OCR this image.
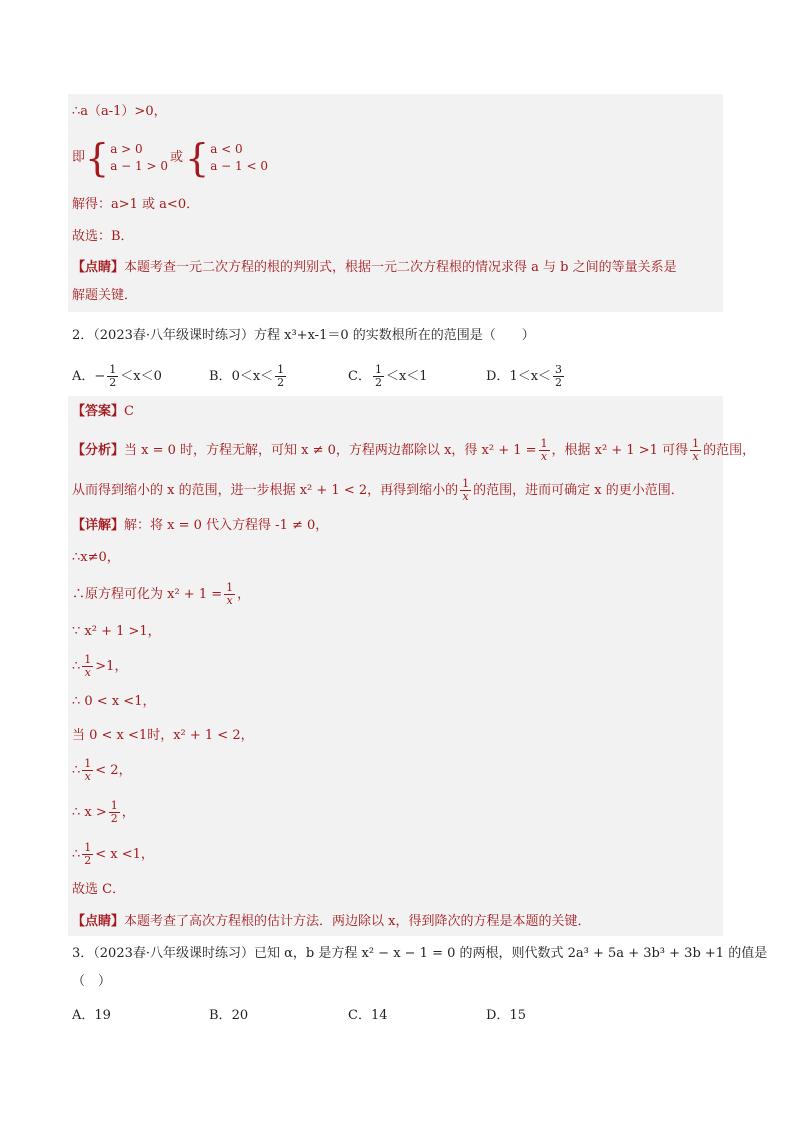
∴a（a-1）>0，
即 { a > 0
a − 1 > 0
或 { a < 0
a − 1 < 0
解得：a>1 或 a<0．
故选：B．
【点睛】本题考查一元二次方程的根的判别式，根据一元二次方程根的情况求得 a 与 b 之间的等量关系是
解题关键．
2．（2023春·八年级课时练习）方程 x³+x-1＝0 的实数根所在的范围是（　　）
A．− $\frac{1}{2} <x<0$	B．$0<x< \frac{1}{2}$	C． $\frac{1}{2} <x<1$	D．$1<x< \frac{3}{2}$
【答案】C
【分析】当 x = 0 时，方程无解，可知 x ≠ 0，方程两边都除以 x，得 $x^2 + 1 = \frac{1}{x}$ ，根据 x² + 1 >1 可得 $\frac{1}{x}$ 的范围，
从而得到缩小的 x 的范围，进一步根据 x² + 1 < 2，再得到缩小的 $\frac{1}{x}$ 的范围，进而可确定 x 的更小范围．
【详解】解：将 x = 0 代入方程得 -1 ≠ 0，
∴x≠0，
∴原方程可化为 $x^2 + 1 = \frac{1}{x}$ ，
∵ x² + 1 >1，
∴ $\frac{1}{x} >1$，
∴ 0 < x <1，
当 0 < x <1时，x² + 1 < 2，
∴ $\frac{1}{x} < 2$，
∴ $x > \frac{1}{2}$ ，
∴ $\frac{1}{2} < x <1$，
故选 C．
【点睛】本题考查了高次方程根的估计方法．两边除以 x，得到降次的方程是本题的关键．
3．（2023春·八年级课时练习）已知 α，b 是方程 x² − x − 1 = 0 的两根，则代数式 2a³ + 5a + 3b³ + 3b +1 的值是
（　）
A．19	B．20	C．14	D．15
